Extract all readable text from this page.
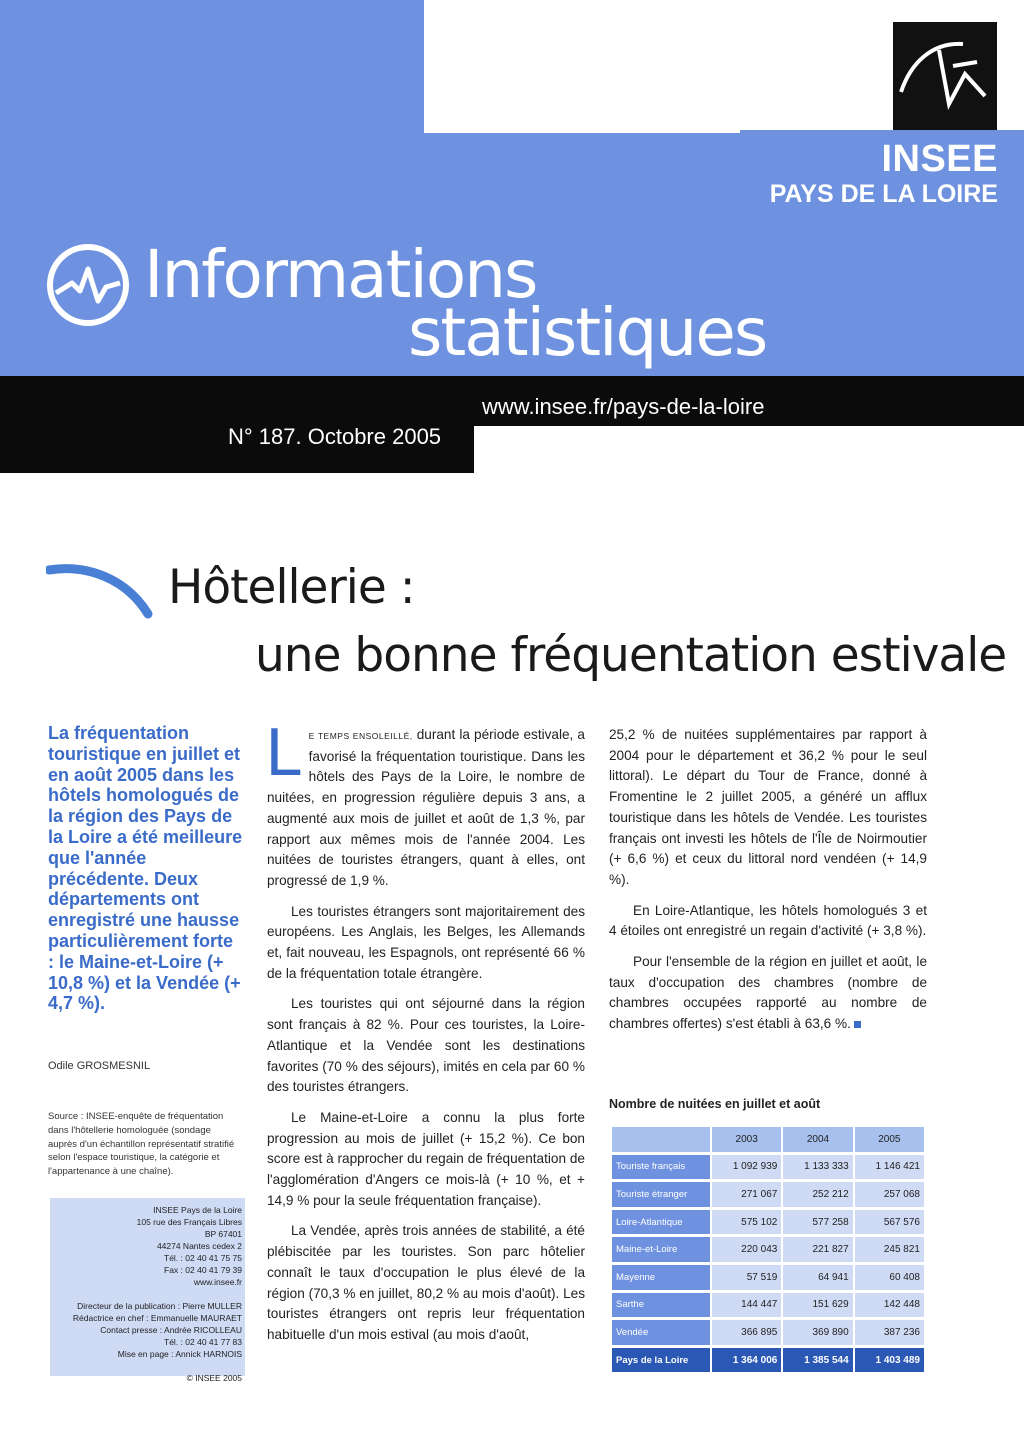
INSEE
PAYS DE LA LOIRE
Informations
statistiques
www.insee.fr/pays-de-la-loire
N° 187. Octobre 2005
Hôtellerie :
une bonne fréquentation estivale
La fréquentation touristique en juillet et en août 2005 dans les hôtels homologués de la région des Pays de la Loire a été meilleure que l'année précédente. Deux départements ont enregistré une hausse particulièrement forte : le Maine-et-Loire (+ 10,8 %) et la Vendée (+ 4,7 %).
Odile GROSMESNIL
Source : INSEE-enquête de fréquentation dans l'hôtellerie homologuée (sondage auprès d'un échantillon représentatif stratifié selon l'espace touristique, la catégorie et l'appartenance à une chaîne).

INSEE Pays de la Loire

105 rue des Français Libres

BP 67401

44274 Nantes cedex 2

Tél. : 02 40 41 75 75

Fax : 02 40 41 79 39

www.insee.fr

Directeur de la publication : Pierre MULLER

Rédactrice en chef : Emmanuelle MAURAET

Contact presse : Andrée RICOLLEAU

Tél. : 02 40 41 77 83

Mise en page : Annick HARNOIS

© INSEE 2005

LE TEMPS ENSOLEILLÉ, durant la période estivale, a favorisé la fréquentation touristique. Dans les hôtels des Pays de la Loire, le nombre de nuitées, en progression régulière depuis 3 ans, a augmenté aux mois de juillet et août de 1,3 %, par rapport aux mêmes mois de l'année 2004. Les nuitées de touristes étrangers, quant à elles, ont progressé de 1,9 %.

Les touristes étrangers sont majoritairement des européens. Les Anglais, les Belges, les Allemands et, fait nouveau, les Espagnols, ont représenté 66 % de la fréquentation totale étrangère.

Les touristes qui ont séjourné dans la région sont français à 82 %. Pour ces touristes, la Loire-Atlantique et la Vendée sont les destinations favorites (70 % des séjours), imités en cela par 60 % des touristes étrangers.

Le Maine-et-Loire a connu la plus forte progression au mois de juillet (+ 15,2 %). Ce bon score est à rapprocher du regain de fréquentation de l'agglomération d'Angers ce mois-là (+ 10 %, et + 14,9 % pour la seule fréquentation française).

La Vendée, après trois années de stabilité, a été plébiscitée par les touristes. Son parc hôtelier connaît le taux d'occupation le plus élevé de la région (70,3 % en juillet, 80,2 % au mois d'août). Les touristes étrangers ont repris leur fréquentation habituelle d'un mois estival (au mois d'août,

25,2 % de nuitées supplémentaires par rapport à 2004 pour le département et 36,2 % pour le seul littoral). Le départ du Tour de France, donné à Fromentine le 2 juillet 2005, a généré un afflux touristique dans les hôtels de Vendée. Les touristes français ont investi les hôtels de l'Île de Noirmoutier (+ 6,6 %) et ceux du littoral nord vendéen (+ 14,9 %).

En Loire-Atlantique, les hôtels homologués 3 et 4 étoiles ont enregistré un regain d'activité (+ 3,8 %).

Pour l'ensemble de la région en juillet et août, le taux d'occupation des chambres (nombre de chambres occupées rapporté au nombre de chambres offertes) s'est établi à 63,6 %.

Nombre de nuitées en juillet et août
	2003	2004	2005
Touriste français	1 092 939	1 133 333	1 146 421
Touriste étranger	271 067	252 212	257 068
Loire-Atlantique	575 102	577 258	567 576
Maine-et-Loire	220 043	221 827	245 821
Mayenne	57 519	64 941	60 408
Sarthe	144 447	151 629	142 448
Vendée	366 895	369 890	387 236
Pays de la Loire	1 364 006	1 385 544	1 403 489
